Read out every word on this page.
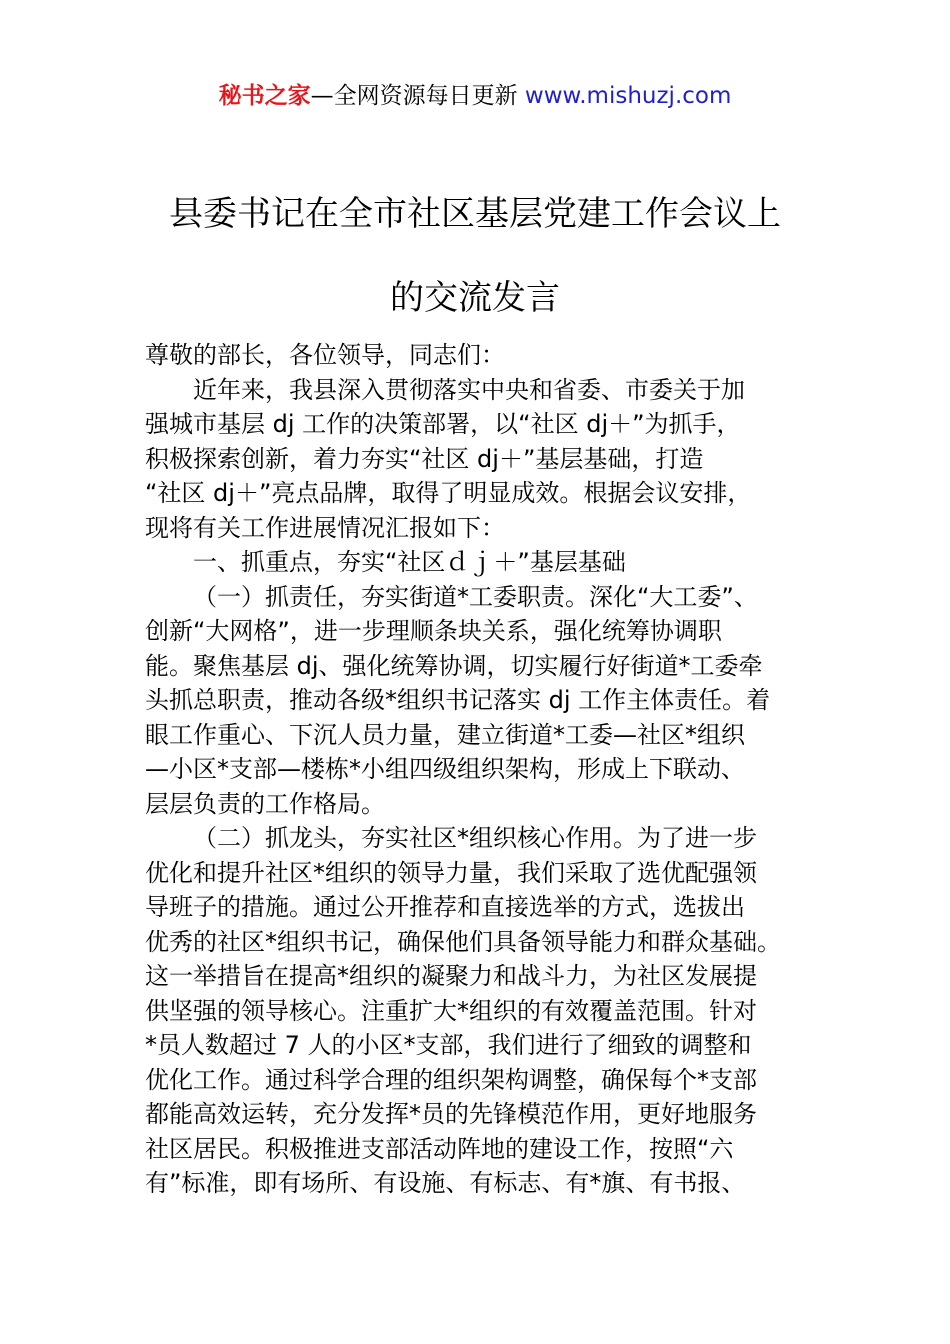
秘书之家—全网资源每日更新 www.mishuzj.com
县委书记在全市社区基层党建工作会议上
的交流发言
尊敬的部长，各位领导，同志们：
近年来，我县深入贯彻落实中央和省委、市委关于加
强城市基层 dj 工作的决策部署，以“社区 dj＋”为抓手，
积极探索创新，着力夯实“社区 dj＋”基层基础，打造
“社区 dj＋”亮点品牌，取得了明显成效。根据会议安排，
现将有关工作进展情况汇报如下：
一、抓重点，夯实“社区ｄｊ＋”基层基础
（一）抓责任，夯实街道*工委职责。深化“大工委”、
创新“大网格”，进一步理顺条块关系，强化统筹协调职
能。聚焦基层 dj、强化统筹协调，切实履行好街道*工委牵
头抓总职责，推动各级*组织书记落实 dj 工作主体责任。着
眼工作重心、下沉人员力量，建立街道*工委—社区*组织
—小区*支部—楼栋*小组四级组织架构，形成上下联动、
层层负责的工作格局。
（二）抓龙头，夯实社区*组织核心作用。为了进一步
优化和提升社区*组织的领导力量，我们采取了选优配强领
导班子的措施。通过公开推荐和直接选举的方式，选拔出
优秀的社区*组织书记，确保他们具备领导能力和群众基础。
这一举措旨在提高*组织的凝聚力和战斗力，为社区发展提
供坚强的领导核心。注重扩大*组织的有效覆盖范围。针对
*员人数超过 7 人的小区*支部，我们进行了细致的调整和
优化工作。通过科学合理的组织架构调整，确保每个*支部
都能高效运转，充分发挥*员的先锋模范作用，更好地服务
社区居民。积极推进支部活动阵地的建设工作，按照“六
有”标准，即有场所、有设施、有标志、有*旗、有书报、
